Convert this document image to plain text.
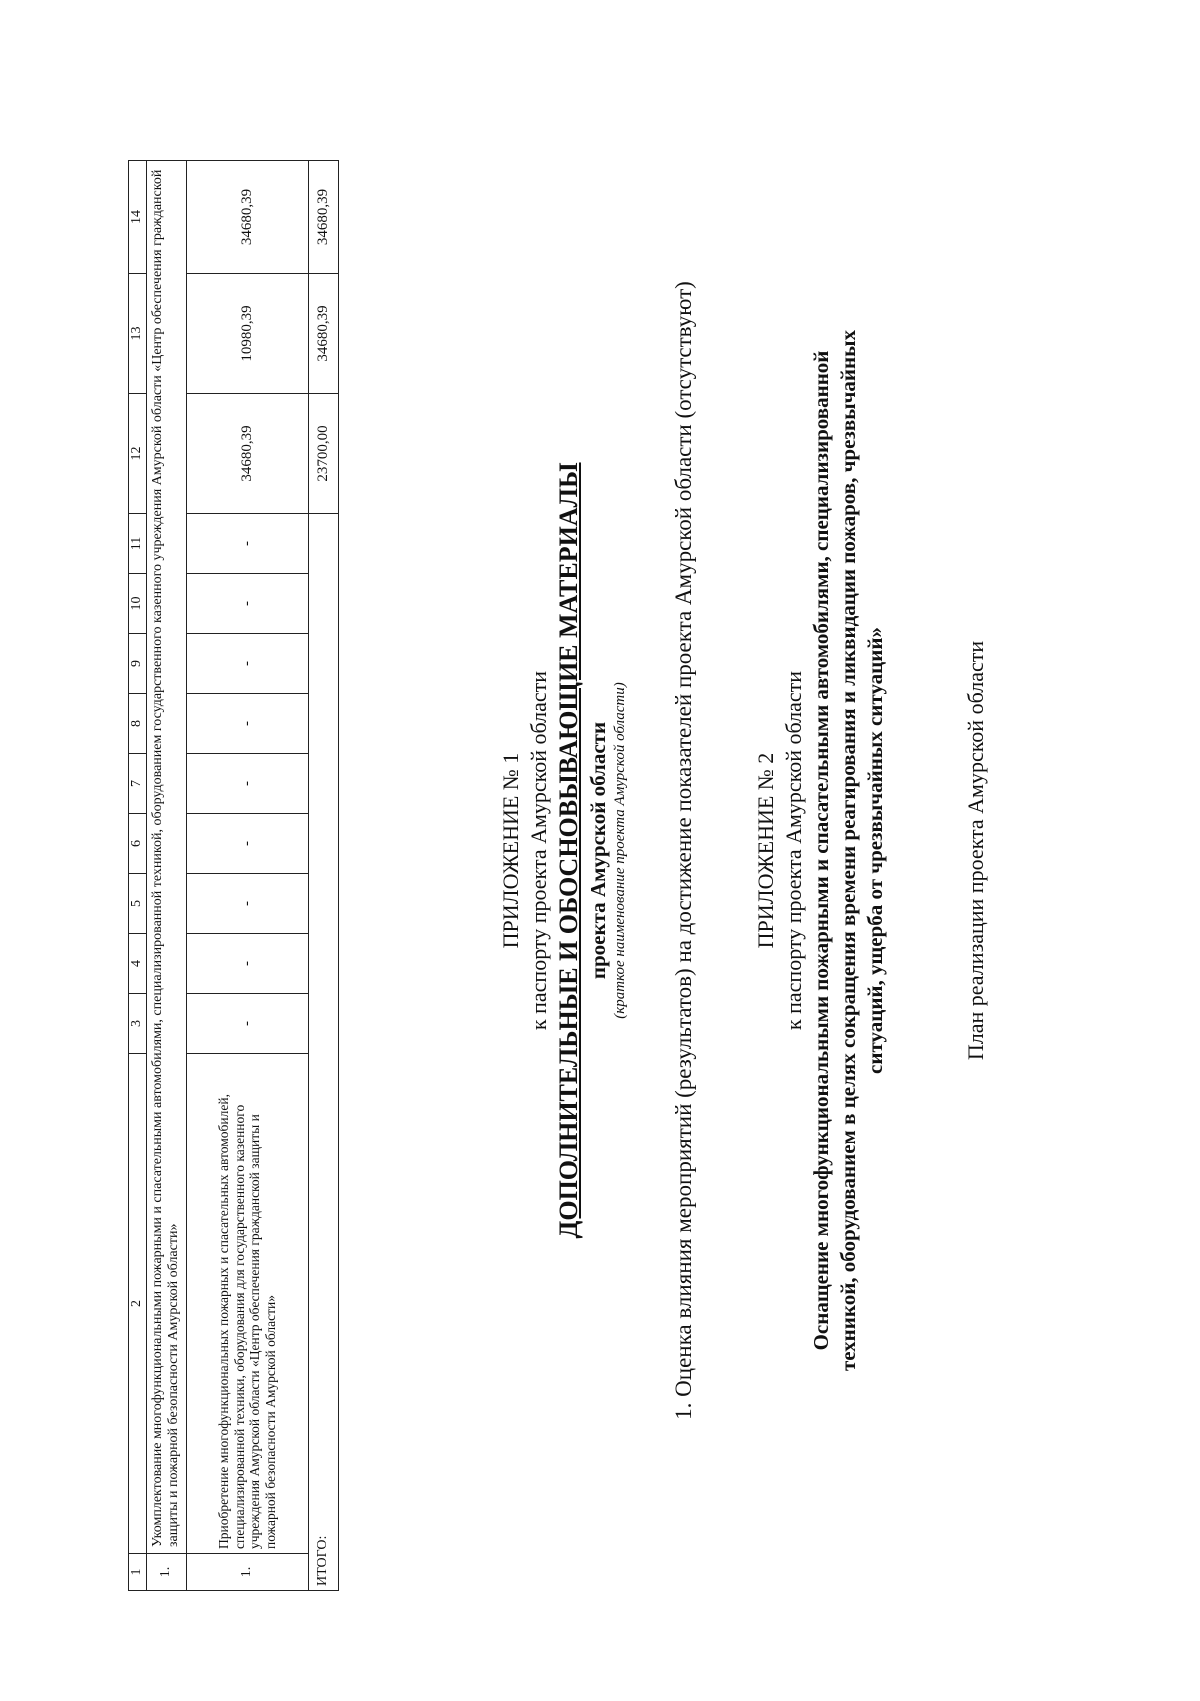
1	2	3	4	5	6	7	8	9	10	11	12	13	14
1.	Укомплектование многофункциональными пожарными и спасательными автомобилями, специализированной техникой, оборудованием государственного казенного учреждения Амурской области «Центр обеспечения гражданской защиты и пожарной безопасности Амурской области»												
1.	Приобретение многофункциональных пожарных и спасательных автомобилей, специализированной техники, оборудования для государственного казенного учреждения Амурской области «Центр обеспечения гражданской защиты и пожарной безопасности Амурской области»	-	-	-	-	-	-	-	-	-	34680,39	10980,39	34680,39
ИТОГО:											23700,00	34680,39	34680,39
ПРИЛОЖЕНИЕ № 1 к паспорту проекта Амурской области ДОПОЛНИТЕЛЬНЫЕ И ОБОСНОВЫВАЮЩИЕ МАТЕРИАЛЫ проекта Амурской области (краткое наименование проекта Амурской области) 1. Оценка влияния мероприятий (результатов) на достижение показателей проекта Амурской области (отсутствуют)	ПРИЛОЖЕНИЕ № 2 к паспорту проекта Амурской области Оснащение многофункциональными пожарными и спасательными автомобилями, специализированной техникой, оборудованием в целях сокращения времени реагирования и ликвидации пожаров, чрезвычайных ситуаций, ущерба от чрезвычайных ситуаций»	План реализации проекта Амурской области
